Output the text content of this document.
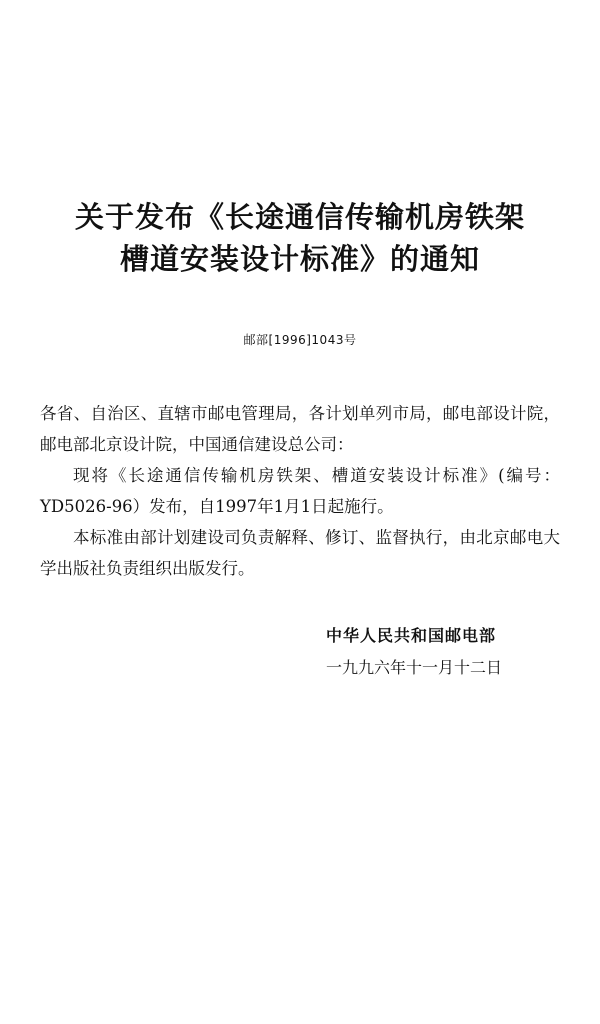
关于发布《长途通信传输机房铁架
槽道安装设计标准》的通知
邮部[1996]1043号

各省、自治区、直辖市邮电管理局，各计划单列市局，邮电部设计院，邮电部北京设计院，中国通信建设总公司：

现将《长途通信传输机房铁架、槽道安装设计标准》(编号：YD5026-96）发布，自1997年1月1日起施行。

本标准由部计划建设司负责解释、修订、监督执行，由北京邮电大学出版社负责组织出版发行。

中华人民共和国邮电部
一九九六年十一月十二日
